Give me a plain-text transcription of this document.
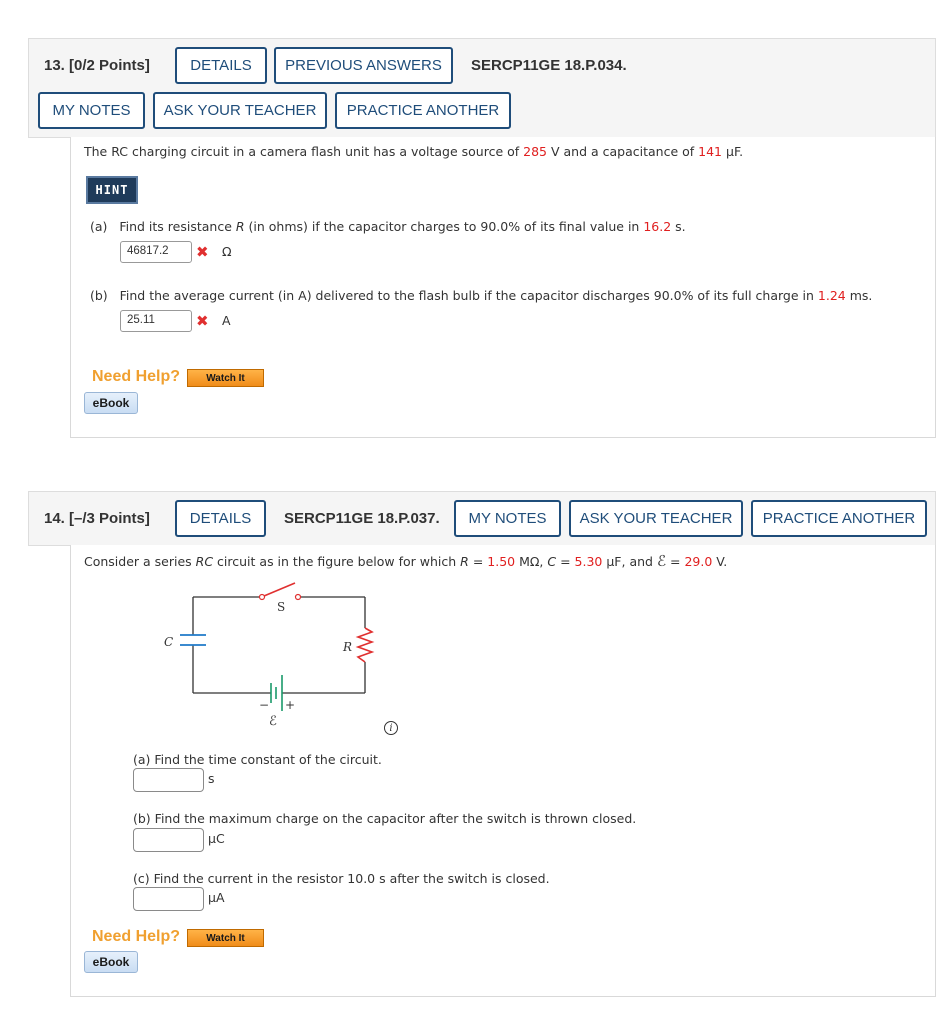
13. [0/2 Points]	DETAILS	PREVIOUS ANSWERS	SERCP11GE 18.P.034.
MY NOTES	ASK YOUR TEACHER	PRACTICE ANOTHER
The RC charging circuit in a camera flash unit has a voltage source of 285 V and a capacitance of 141 μF.
HINT
(a) Find its resistance R (in ohms) if the capacitor charges to 90.0% of its final value in 16.2 s.
46817.2	✖ Ω
(b) Find the average current (in A) delivered to the flash bulb if the capacitor discharges 90.0% of its full charge in 1.24 ms.
25.11	✖ A
Need Help?	Watch It
eBook
14. [–/3 Points]	DETAILS	SERCP11GE 18.P.037.	MY NOTES	ASK YOUR TEACHER	PRACTICE ANOTHER
Consider a series RC circuit as in the figure below for which R = 1.50 MΩ, C = 5.30 μF, and ℰ = 29.0 V.
S
C	R
− +
ℰ	i
(a) Find the time constant of the circuit.
s
(b) Find the maximum charge on the capacitor after the switch is thrown closed.
μC
(c) Find the current in the resistor 10.0 s after the switch is closed.
μA
Need Help?	Watch It
eBook
